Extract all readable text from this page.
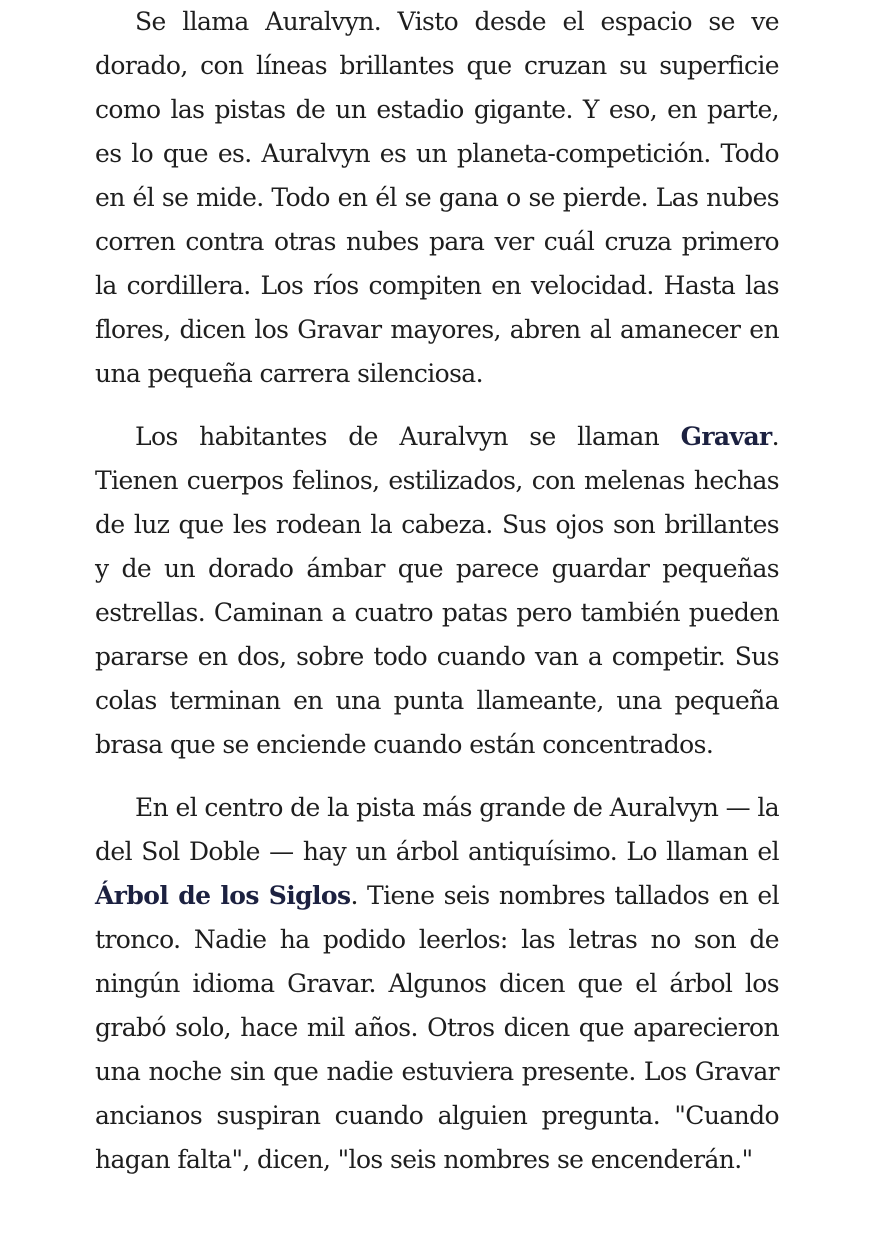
Se llama Auralvyn. Visto desde el espacio se ve
dorado, con líneas brillantes que cruzan su superficie
como las pistas de un estadio gigante. Y eso, en parte,
es lo que es. Auralvyn es un planeta-competición. Todo
en él se mide. Todo en él se gana o se pierde. Las nubes
corren contra otras nubes para ver cuál cruza primero
la cordillera. Los ríos compiten en velocidad. Hasta las
flores, dicen los Gravar mayores, abren al amanecer en
una pequeña carrera silenciosa.
Los habitantes de Auralvyn se llaman Gravar.
Tienen cuerpos felinos, estilizados, con melenas hechas
de luz que les rodean la cabeza. Sus ojos son brillantes
y de un dorado ámbar que parece guardar pequeñas
estrellas. Caminan a cuatro patas pero también pueden
pararse en dos, sobre todo cuando van a competir. Sus
colas terminan en una punta llameante, una pequeña
brasa que se enciende cuando están concentrados.
En el centro de la pista más grande de Auralvyn — la
del Sol Doble — hay un árbol antiquísimo. Lo llaman el
Árbol de los Siglos. Tiene seis nombres tallados en el
tronco. Nadie ha podido leerlos: las letras no son de
ningún idioma Gravar. Algunos dicen que el árbol los
grabó solo, hace mil años. Otros dicen que aparecieron
una noche sin que nadie estuviera presente. Los Gravar
ancianos suspiran cuando alguien pregunta. "Cuando
hagan falta", dicen, "los seis nombres se encenderán."
